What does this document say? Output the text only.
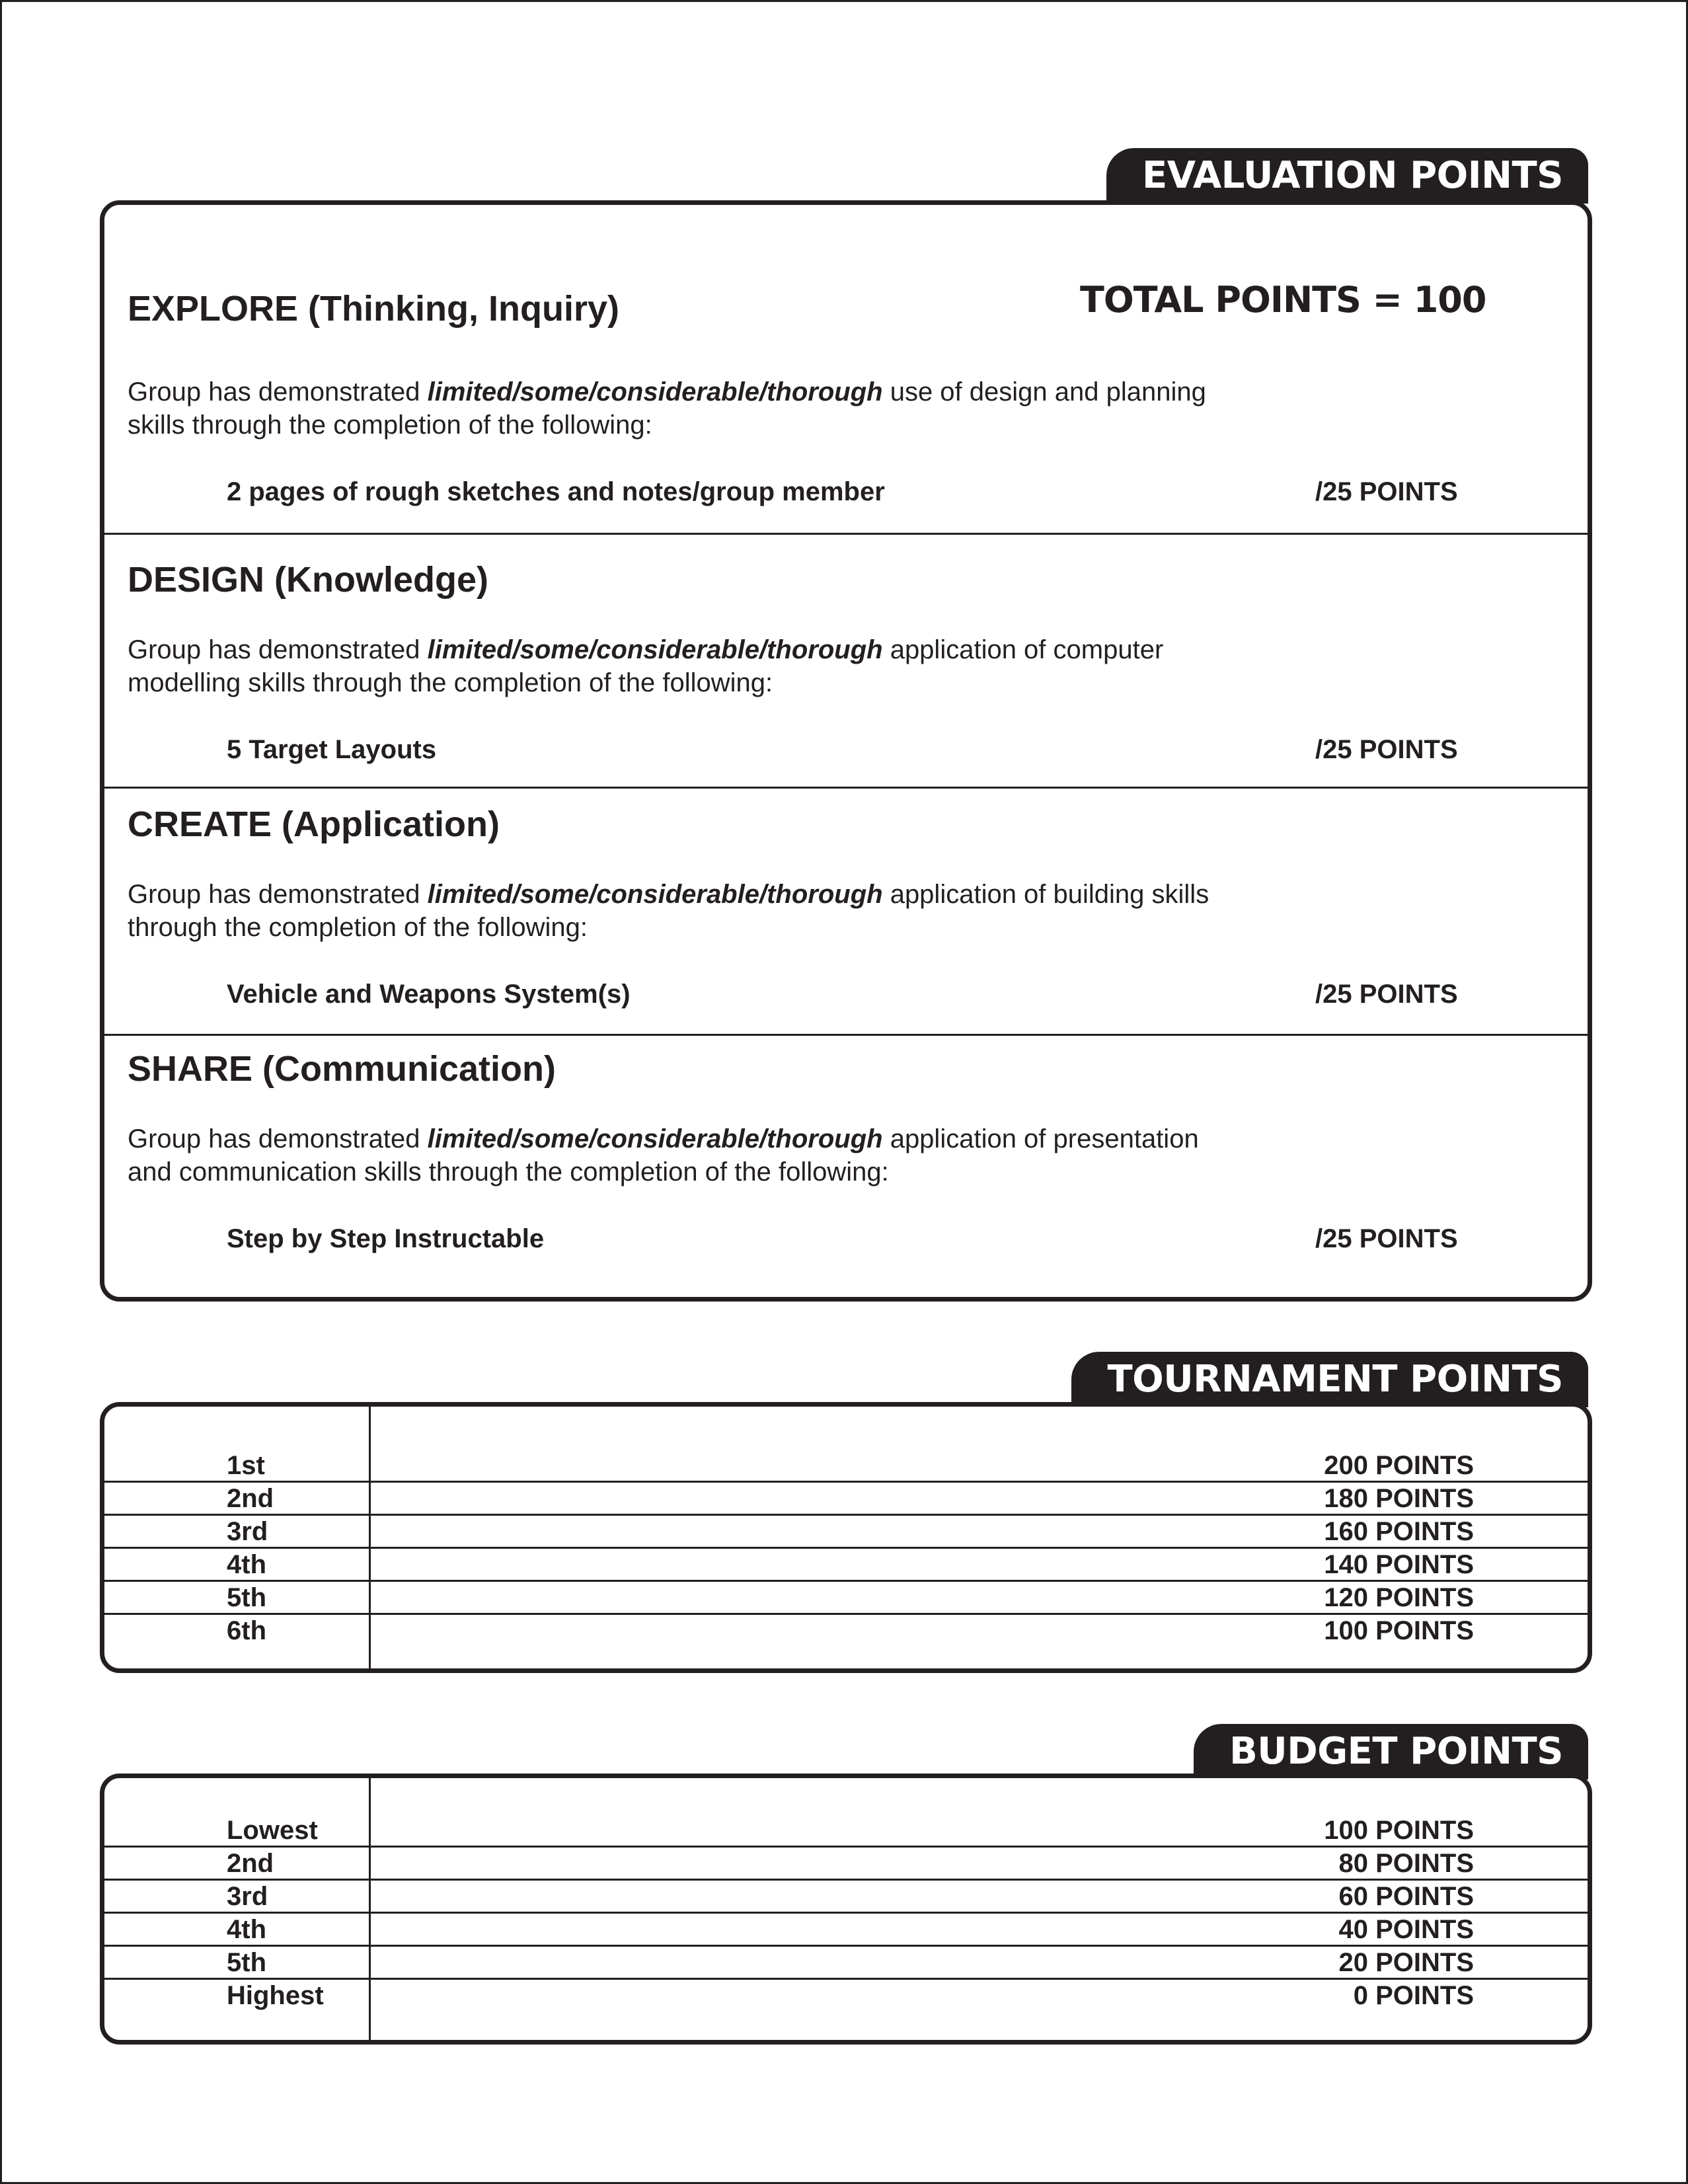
EVALUATION POINTS
TOTAL POINTS = 100
EXPLORE (Thinking, Inquiry)
Group has demonstrated limited/some/considerable/thorough use of design and planning
skills through the completion of the following:
2 pages of rough sketches and notes/group member	/25 POINTS
DESIGN (Knowledge)
Group has demonstrated limited/some/considerable/thorough application of computer
modelling skills through the completion of the following:
5 Target Layouts	/25 POINTS
CREATE (Application)
Group has demonstrated limited/some/considerable/thorough application of building skills
through the completion of the following:
Vehicle and Weapons System(s)	/25 POINTS
SHARE (Communication)
Group has demonstrated limited/some/considerable/thorough application of presentation
and communication skills through the completion of the following:
Step by Step Instructable	/25 POINTS
TOURNAMENT POINTS
1st	200 POINTS
2nd	180 POINTS
3rd	160 POINTS
4th	140 POINTS
5th	120 POINTS
6th	100 POINTS
BUDGET POINTS
Lowest	100 POINTS
2nd	80 POINTS
3rd	60 POINTS
4th	40 POINTS
5th	20 POINTS
Highest	0 POINTS
